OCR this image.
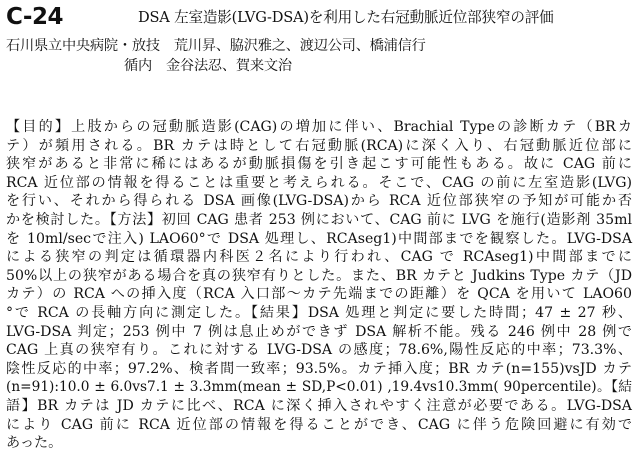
C-24	DSA 左室造影(LVG-DSA)を利用した右冠動脈近位部狭窄の評価
石川県立中央病院・放技　荒川昇、脇沢雅之、渡辺公司、橋浦信行
循内　金谷法忍、賀来文治
【目的】上肢からの冠動脈造影(CAG)の増加に伴い、Brachial Typeの診断カテ（BRカ
テ）が頻用される。BR カテは時として右冠動脈(RCA)に深く入り、右冠動脈近位部に
狭窄があると非常に稀にはあるが動脈損傷を引き起こす可能性もある。故に CAG 前に
RCA 近位部の情報を得ることは重要と考えられる。そこで、CAG の前に左室造影(LVG)
を行い、それから得られる DSA 画像(LVG-DSA)から RCA 近位部狭窄の予知が可能か否
かを検討した。【方法】初回 CAG 患者 253 例において、CAG 前に LVG を施行(造影剤 35ml
を 10ml/secで注入) LAO60°で DSA 処理し、RCAseg1)中間部までを観察した。LVG-DSA
による狭窄の判定は循環器内科医２名により行われ、CAG で RCAseg1)中間部までに
50%以上の狭窄がある場合を真の狭窄有りとした。また、BR カテと Judkins Type カテ（JD
カテ）の RCA への挿入度（RCA 入口部～カテ先端までの距離）を QCA を用いて LAO60
°で RCA の長軸方向に測定した。【結果】DSA 処理と判定に要した時間；47 ± 27 秒、
LVG-DSA 判定；253 例中 7 例は息止めができず DSA 解析不能。残る 246 例中 28 例で
CAG 上真の狭窄有り。これに対する LVG-DSA の感度；78.6%,陽性反応的中率；73.3%、
陰性反応的中率；97.2%、検者間一致率；93.5%。カテ挿入度；BR カテ(n=155)vsJD カテ
(n=91):10.0 ± 6.0vs7.1 ± 3.3mm(mean ± SD,P<0.01) ,19.4vs10.3mm( 90percentile)。【結
語】BR カテは JD カテに比べ、RCA に深く挿入されやすく注意が必要である。LVG-DSA
により CAG 前に RCA 近位部の情報を得ることができ、CAG に伴う危険回避に有効で
あった。
